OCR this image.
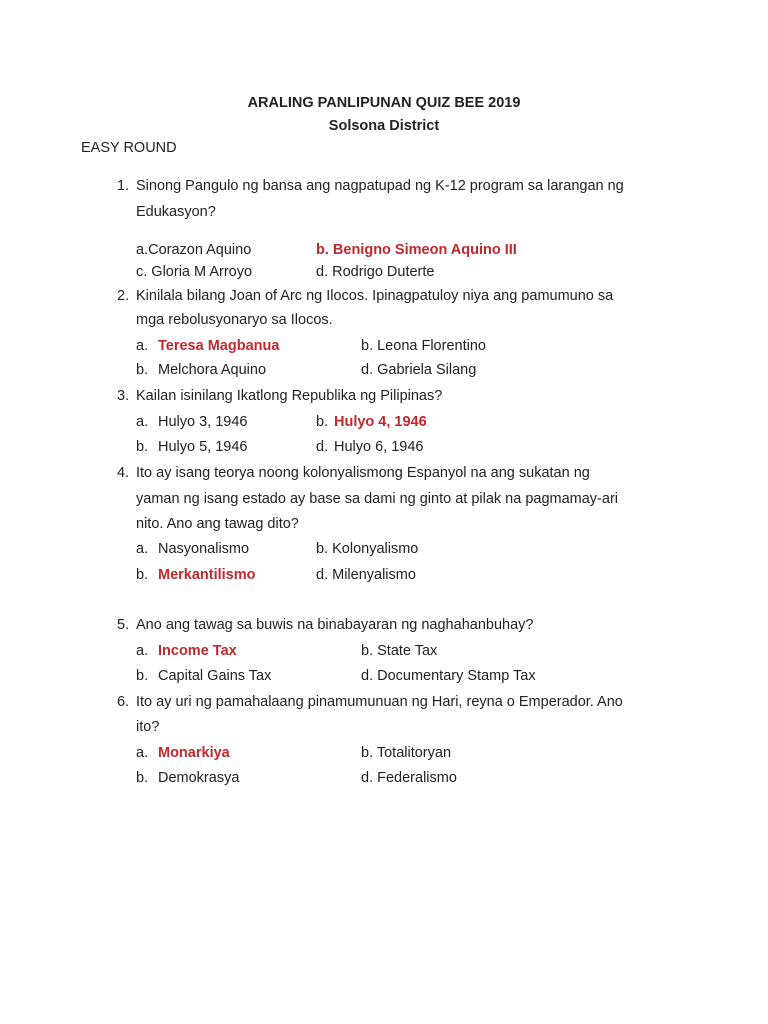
ARALING PANLIPUNAN QUIZ BEE 2019
Solsona District
EASY ROUND
1. Sinong Pangulo ng bansa ang nagpatupad ng K-12 program sa larangan ng
Edukasyon?
a.Corazon Aquino	b. Benigno Simeon Aquino III
c. Gloria M Arroyo	d. Rodrigo Duterte
2. Kinilala bilang Joan of Arc ng Ilocos. Ipinagpatuloy niya ang pamumuno sa
mga rebolusyonaryo sa Ilocos.
a. Teresa Magbanua	b. Leona Florentino
b. Melchora Aquino	d. Gabriela Silang
3. Kailan isinilang Ikatlong Republika ng Pilipinas?
a. Hulyo 3, 1946	b. Hulyo 4, 1946
b. Hulyo 5, 1946	d. Hulyo 6, 1946
4. Ito ay isang teorya noong kolonyalismong Espanyol na ang sukatan ng
yaman ng isang estado ay base sa dami ng ginto at pilak na pagmamay-ari
nito. Ano ang tawag dito?
a. Nasyonalismo	b. Kolonyalismo
b. Merkantilismo	d. Milenyalismo
5. Ano ang tawag sa buwis na binabayaran ng naghahanbuhay?
a. Income Tax	b. State Tax
b. Capital Gains Tax	d. Documentary Stamp Tax
6. Ito ay uri ng pamahalaang pinamumunuan ng Hari, reyna o Emperador. Ano
ito?
a. Monarkiya	b. Totalitoryan
b. Demokrasya	d. Federalismo
